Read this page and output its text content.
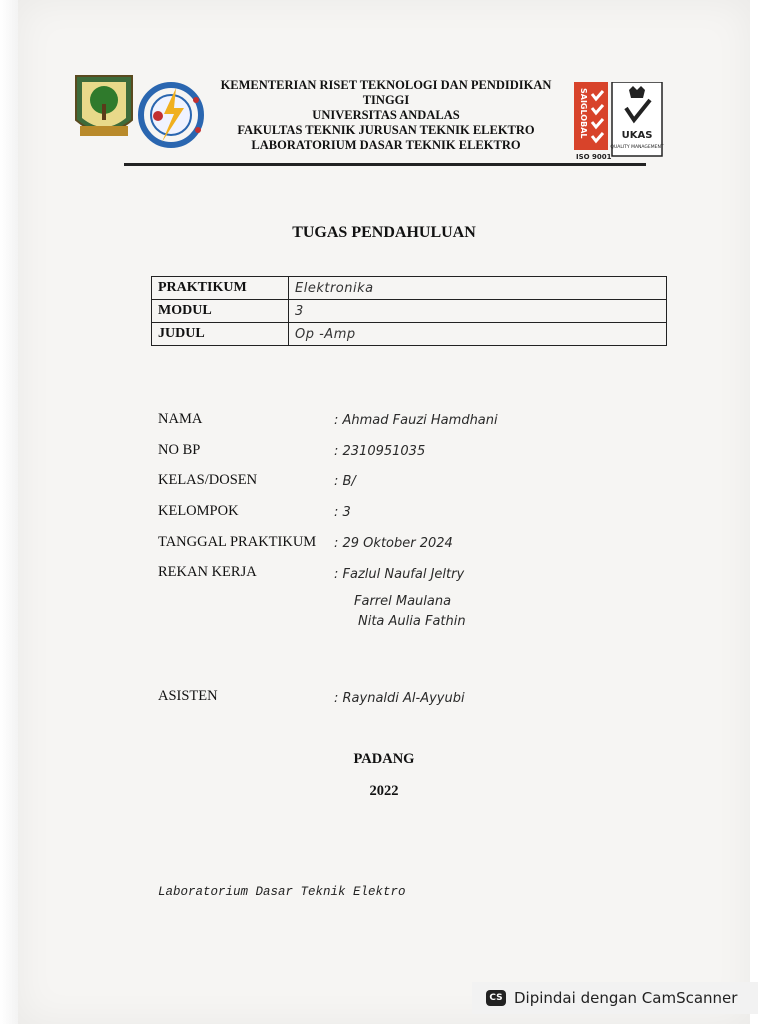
KEMENTERIAN RISET TEKNOLOGI DAN PENDIDIKAN TINGGI
UNIVERSITAS ANDALAS
FAKULTAS TEKNIK JURUSAN TEKNIK ELEKTRO
LABORATORIUM DASAR TEKNIK ELEKTRO
SAIGLOBAL	UKAS
QUALITY MANAGEMENT
ISO 9001
TUGAS PENDAHULUAN
PRAKTIKUM	Elektronika
MODUL	3
JUDUL	Op -Amp
NAMA	: Ahmad Fauzi Hamdhani
NO BP	: 2310951035
KELAS/DOSEN	: B/
KELOMPOK	: 3
TANGGAL PRAKTIKUM : 29 Oktober 2024
REKAN KERJA	: Fazlul Naufal Jeltry
Farrel Maulana
Nita Aulia Fathin
ASISTEN	: Raynaldi Al-Ayyubi
PADANG
2022
Laboratorium Dasar Teknik Elektro
CS Dipindai dengan CamScanner
